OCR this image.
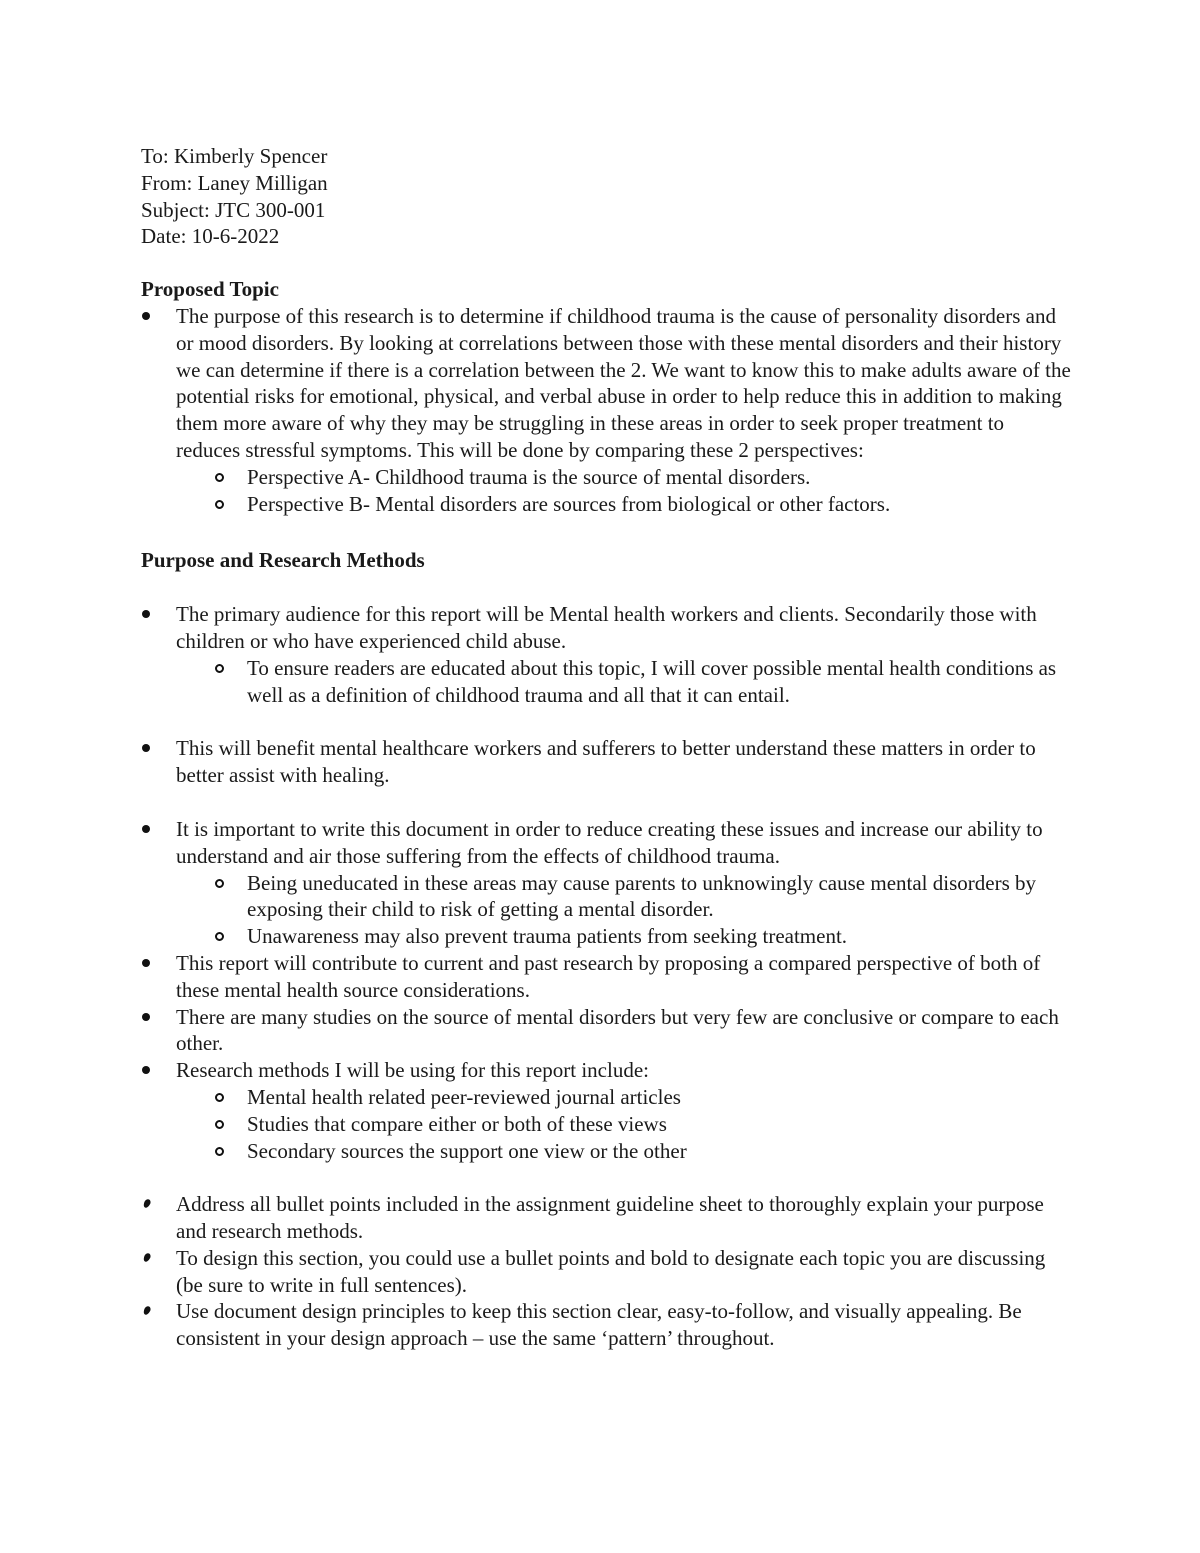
To: Kimberly Spencer

From: Laney Milligan

Subject: JTC 300-001

Date: 10-6-2022

Proposed Topic

The purpose of this research is to determine if childhood trauma is the cause of personality disorders and or mood disorders. By looking at correlations between those with these mental disorders and their history we can determine if there is a correlation between the 2. We want to know this to make adults aware of the potential risks for emotional, physical, and verbal abuse in order to help reduce this in addition to making them more aware of why they may be struggling in these areas in order to seek proper treatment to reduces stressful symptoms. This will be done by comparing these 2 perspectives:
Perspective A- Childhood trauma is the source of mental disorders.
Perspective B- Mental disorders are sources from biological or other factors.

Purpose and Research Methods

The primary audience for this report will be Mental health workers and clients. Secondarily those with children or who have experienced child abuse.
To ensure readers are educated about this topic, I will cover possible mental health conditions as well as a definition of childhood trauma and all that it can entail.
This will benefit mental healthcare workers and sufferers to better understand these matters in order to better assist with healing.
It is important to write this document in order to reduce creating these issues and increase our ability to understand and air those suffering from the effects of childhood trauma.
Being uneducated in these areas may cause parents to unknowingly cause mental disorders by exposing their child to risk of getting a mental disorder.
Unawareness may also prevent trauma patients from seeking treatment.
This report will contribute to current and past research by proposing a compared perspective of both of these mental health source considerations.
There are many studies on the source of mental disorders but very few are conclusive or compare to each other.
Research methods I will be using for this report include:
Mental health related peer-reviewed journal articles
Studies that compare either or both of these views
Secondary sources the support one view or the other
Address all bullet points included in the assignment guideline sheet to thoroughly explain your purpose and research methods.
To design this section, you could use a bullet points and bold to designate each topic you are discussing (be sure to write in full sentences).
Use document design principles to keep this section clear, easy-to-follow, and visually appealing. Be consistent in your design approach – use the same ‘pattern’ throughout.
